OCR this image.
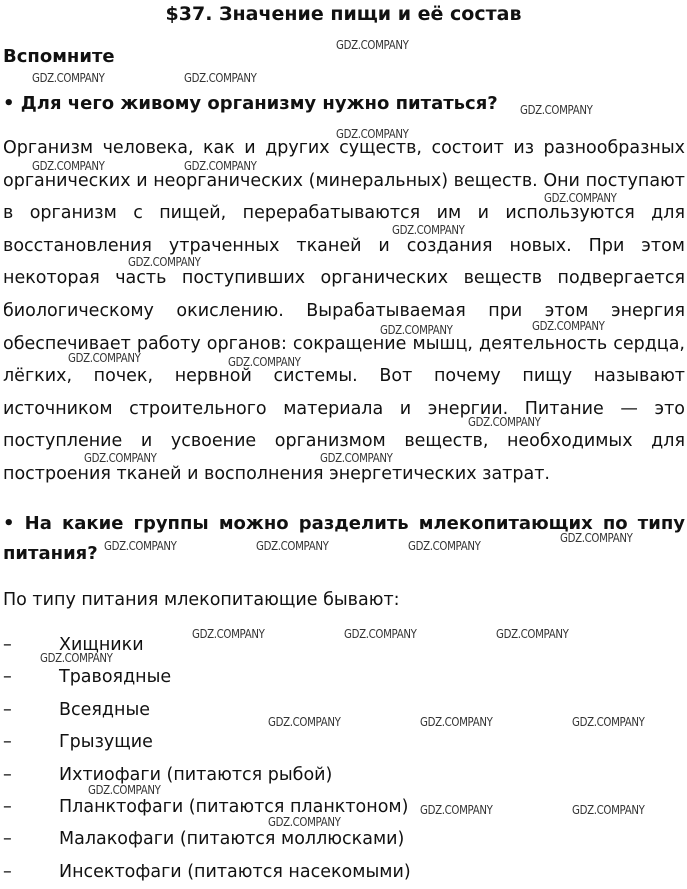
$37. Значение пищи и её состав
Вспомните
• Для чего живому организму нужно питаться?
Организм человека, как и других существ, состоит из разнообразных органических и неорганических (минеральных) веществ. Они поступают в организм с пищей, перерабатываются им и используются для восстановления утраченных тканей и создания новых. При этом некоторая часть поступивших органических веществ подвергается биологическому окислению. Вырабатываемая при этом энергия обеспечивает работу органов: сокращение мышц, деятельность сердца, лёгких, почек, нервной системы. Вот почему пищу называют источником строительного материала и энергии. Питание — это поступление и усвоение организмом веществ, необходимых для построения тканей и восполнения энергетических затрат.
• На какие группы можно разделить млекопитающих по типу питания?
По типу питания млекопитающие бывают:
–	Хищники
–	Травоядные
–	Всеядные
–	Грызущие
–	Ихтиофаги (питаются рыбой)
–	Планктофаги (питаются планктоном)
–	Малакофаги (питаются моллюсками)
–	Инсектофаги (питаются насекомыми)
GDZ.COMPANY
GDZ.COMPANY	GDZ.COMPANY
GDZ.COMPANY
GDZ.COMPANY
GDZ.COMPANY	GDZ.COMPANY
GDZ.COMPANY
GDZ.COMPANY
GDZ.COMPANY
GDZ.COMPANY
GDZ.COMPANY
GDZ.COMPANY	GDZ.COMPANY
GDZ.COMPANY
GDZ.COMPANY	GDZ.COMPANY
GDZ.COMPANY
GDZ.COMPANY	GDZ.COMPANY	GDZ.COMPANY
GDZ.COMPANY	GDZ.COMPANY	GDZ.COMPANY
GDZ.COMPANY
GDZ.COMPANY	GDZ.COMPANY	GDZ.COMPANY
GDZ.COMPANY
GDZ.COMPANY	GDZ.COMPANY
GDZ.COMPANY
